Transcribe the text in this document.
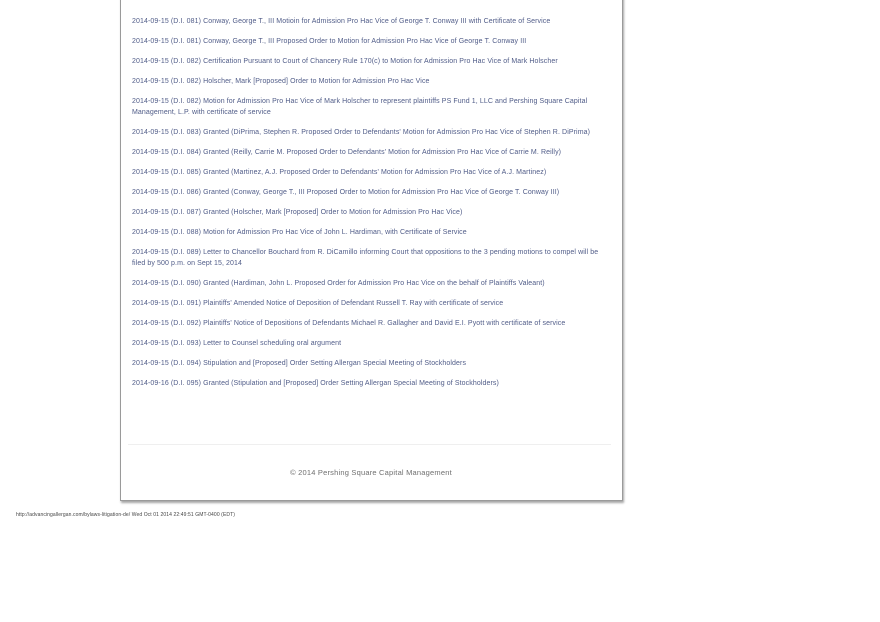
2014-09-15 (D.I. 081) Conway, George T., III Motioin for Admission Pro Hac Vice of George T. Conway III with Certificate of Service
2014-09-15 (D.I. 081) Conway, George T., III Proposed Order to Motion for Admission Pro Hac Vice of George T. Conway III
2014-09-15 (D.I. 082) Certification Pursuant to Court of Chancery Rule 170(c) to Motion for Admission Pro Hac Vice of Mark Holscher
2014-09-15 (D.I. 082) Holscher, Mark [Proposed] Order to Motion for Admission Pro Hac Vice
2014-09-15 (D.I. 082) Motion for Admission Pro Hac Vice of Mark Holscher to represent plaintiffs PS Fund 1, LLC and Pershing Square Capital Management, L.P. with certificate of service
2014-09-15 (D.I. 083) Granted (DiPrima, Stephen R. Proposed Order to Defendants' Motion for Admission Pro Hac Vice of Stephen R. DiPrima)
2014-09-15 (D.I. 084) Granted (Reilly, Carrie M. Proposed Order to Defendants' Motion for Admission Pro Hac Vice of Carrie M. Reilly)
2014-09-15 (D.I. 085) Granted (Martinez, A.J. Proposed Order to Defendants' Motion for Admission Pro Hac Vice of A.J. Martinez)
2014-09-15 (D.I. 086) Granted (Conway, George T., III Proposed Order to Motion for Admission Pro Hac Vice of George T. Conway III)
2014-09-15 (D.I. 087) Granted (Holscher, Mark [Proposed] Order to Motion for Admission Pro Hac Vice)
2014-09-15 (D.I. 088) Motion for Admission Pro Hac Vice of John L. Hardiman, with Certificate of Service
2014-09-15 (D.I. 089) Letter to Chancellor Bouchard from R. DiCamillo informing Court that oppositions to the 3 pending motions to compel will be filed by 500 p.m. on Sept 15, 2014
2014-09-15 (D.I. 090) Granted (Hardiman, John L. Proposed Order for Admission Pro Hac Vice on the behalf of Plaintiffs Valeant)
2014-09-15 (D.I. 091) Plaintiffs' Amended Notice of Deposition of Defendant Russell T. Ray with certificate of service
2014-09-15 (D.I. 092) Plaintiffs' Notice of Depositions of Defendants Michael R. Gallagher and David E.I. Pyott with certificate of service
2014-09-15 (D.I. 093) Letter to Counsel scheduling oral argument
2014-09-15 (D.I. 094) Stipulation and [Proposed] Order Setting Allergan Special Meeting of Stockholders
2014-09-16 (D.I. 095) Granted (Stipulation and [Proposed] Order Setting Allergan Special Meeting of Stockholders)
© 2014 Pershing Square Capital Management
http://advancingallergan.com/bylaws-litigation-de/ Wed Oct 01 2014 22:49:51 GMT-0400 (EDT)
